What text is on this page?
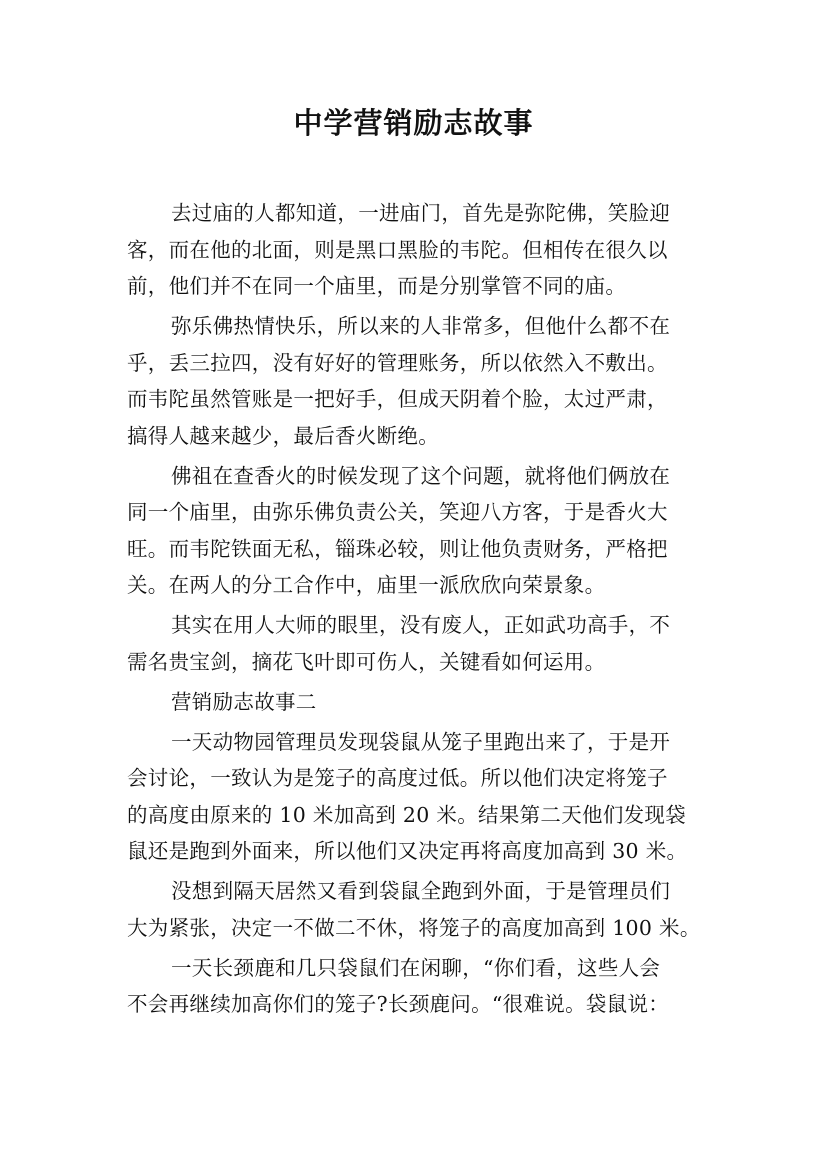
中学营销励志故事
去过庙的人都知道，一进庙门，首先是弥陀佛，笑脸迎
客，而在他的北面，则是黑口黑脸的韦陀。但相传在很久以
前，他们并不在同一个庙里，而是分别掌管不同的庙。
弥乐佛热情快乐，所以来的人非常多，但他什么都不在
乎，丢三拉四，没有好好的管理账务，所以依然入不敷出。
而韦陀虽然管账是一把好手，但成天阴着个脸，太过严肃，
搞得人越来越少，最后香火断绝。
佛祖在查香火的时候发现了这个问题，就将他们俩放在
同一个庙里，由弥乐佛负责公关，笑迎八方客，于是香火大
旺。而韦陀铁面无私，锱珠必较，则让他负责财务，严格把
关。在两人的分工合作中，庙里一派欣欣向荣景象。
其实在用人大师的眼里，没有废人，正如武功高手，不
需名贵宝剑，摘花飞叶即可伤人，关键看如何运用。
营销励志故事二
一天动物园管理员发现袋鼠从笼子里跑出来了，于是开
会讨论，一致认为是笼子的高度过低。所以他们决定将笼子
的高度由原来的 10 米加高到 20 米。结果第二天他们发现袋
鼠还是跑到外面来，所以他们又决定再将高度加高到 30 米。
没想到隔天居然又看到袋鼠全跑到外面，于是管理员们
大为紧张，决定一不做二不休，将笼子的高度加高到 100 米。
一天长颈鹿和几只袋鼠们在闲聊，“你们看，这些人会
不会再继续加高你们的笼子?长颈鹿问。“很难说。袋鼠说：
